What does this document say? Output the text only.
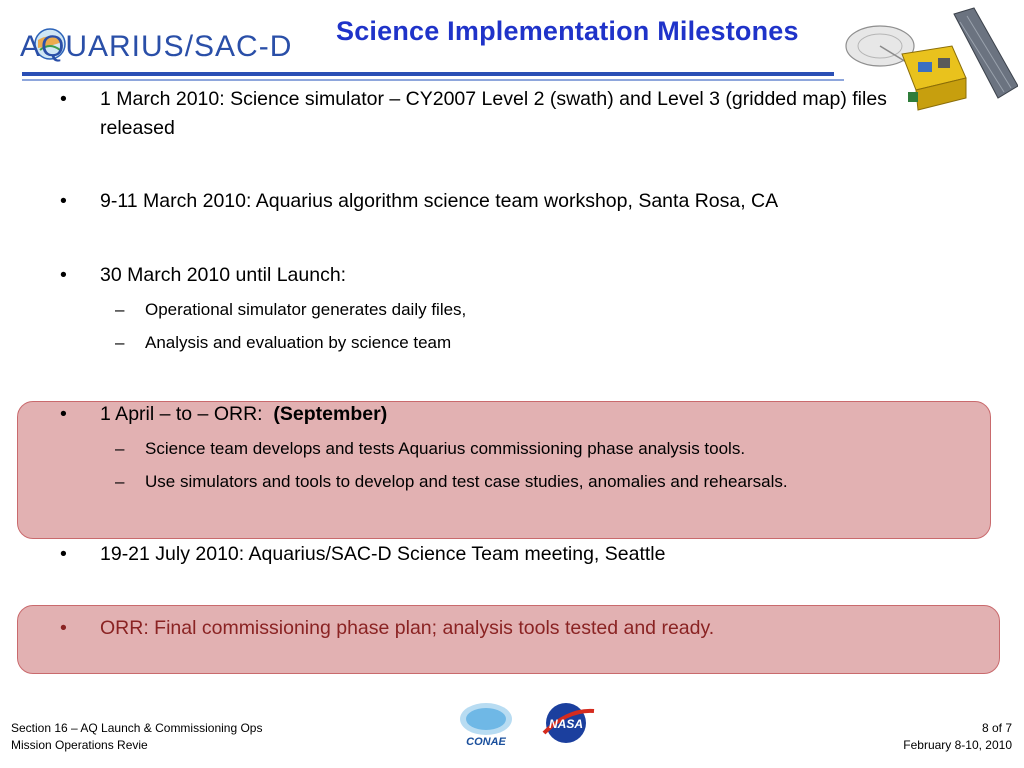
AQUARIUS/SAC-D Science Implementation Milestones
• 1 March 2010: Science simulator – CY2007 Level 2 (swath) and Level 3 (gridded map) files released
• 9-11 March 2010: Aquarius algorithm science team workshop, Santa Rosa, CA
• 30 March 2010 until Launch:
– Operational simulator generates daily files,
– Analysis and evaluation by science team
• 1 April – to – ORR: (September)
– Science team develops and tests Aquarius commissioning phase analysis tools.
– Use simulators and tools to develop and test case studies, anomalies and rehearsals.
• 19-21 July 2010: Aquarius/SAC-D Science Team meeting, Seattle
• ORR: Final commissioning phase plan; analysis tools tested and ready.
Section 16 – AQ Launch & Commissioning Ops
Mission Operations Revie	CONAE
NASA	8 of 7
February 8-10, 2010
